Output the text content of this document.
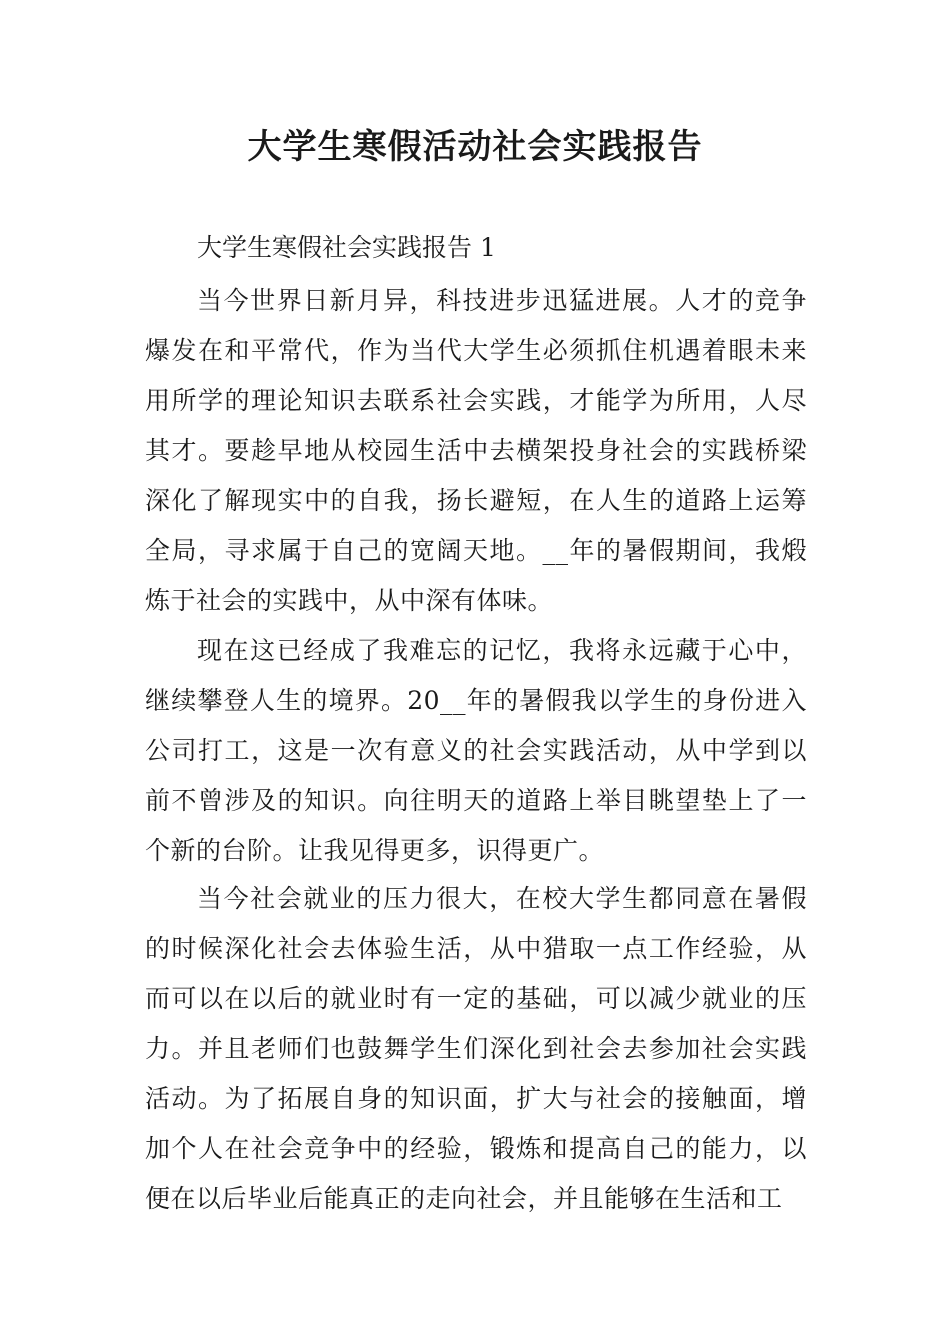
大学生寒假活动社会实践报告

大学生寒假社会实践报告 1

当今世界日新月异，科技进步迅猛进展。人才的竞争爆发在和平常代，作为当代大学生必须抓住机遇着眼未来用所学的理论知识去联系社会实践，才能学为所用，人尽其才。要趁早地从校园生活中去横架投身社会的实践桥梁深化了解现实中的自我，扬长避短，在人生的道路上运筹全局，寻求属于自己的宽阔天地。__年的暑假期间，我煅炼于社会的实践中，从中深有体味。

现在这已经成了我难忘的记忆，我将永远藏于心中，继续攀登人生的境界。20__年的暑假我以学生的身份进入公司打工，这是一次有意义的社会实践活动，从中学到以前不曾涉及的知识。向往明天的道路上举目眺望垫上了一个新的台阶。让我见得更多，识得更广。

当今社会就业的压力很大，在校大学生都同意在暑假的时候深化社会去体验生活，从中猎取一点工作经验，从而可以在以后的就业时有一定的基础，可以减少就业的压力。并且老师们也鼓舞学生们深化到社会去参加社会实践活动。为了拓展自身的知识面，扩大与社会的接触面，增加个人在社会竞争中的经验，锻炼和提高自己的能力，以便在以后毕业后能真正的走向社会，并且能够在生活和工
